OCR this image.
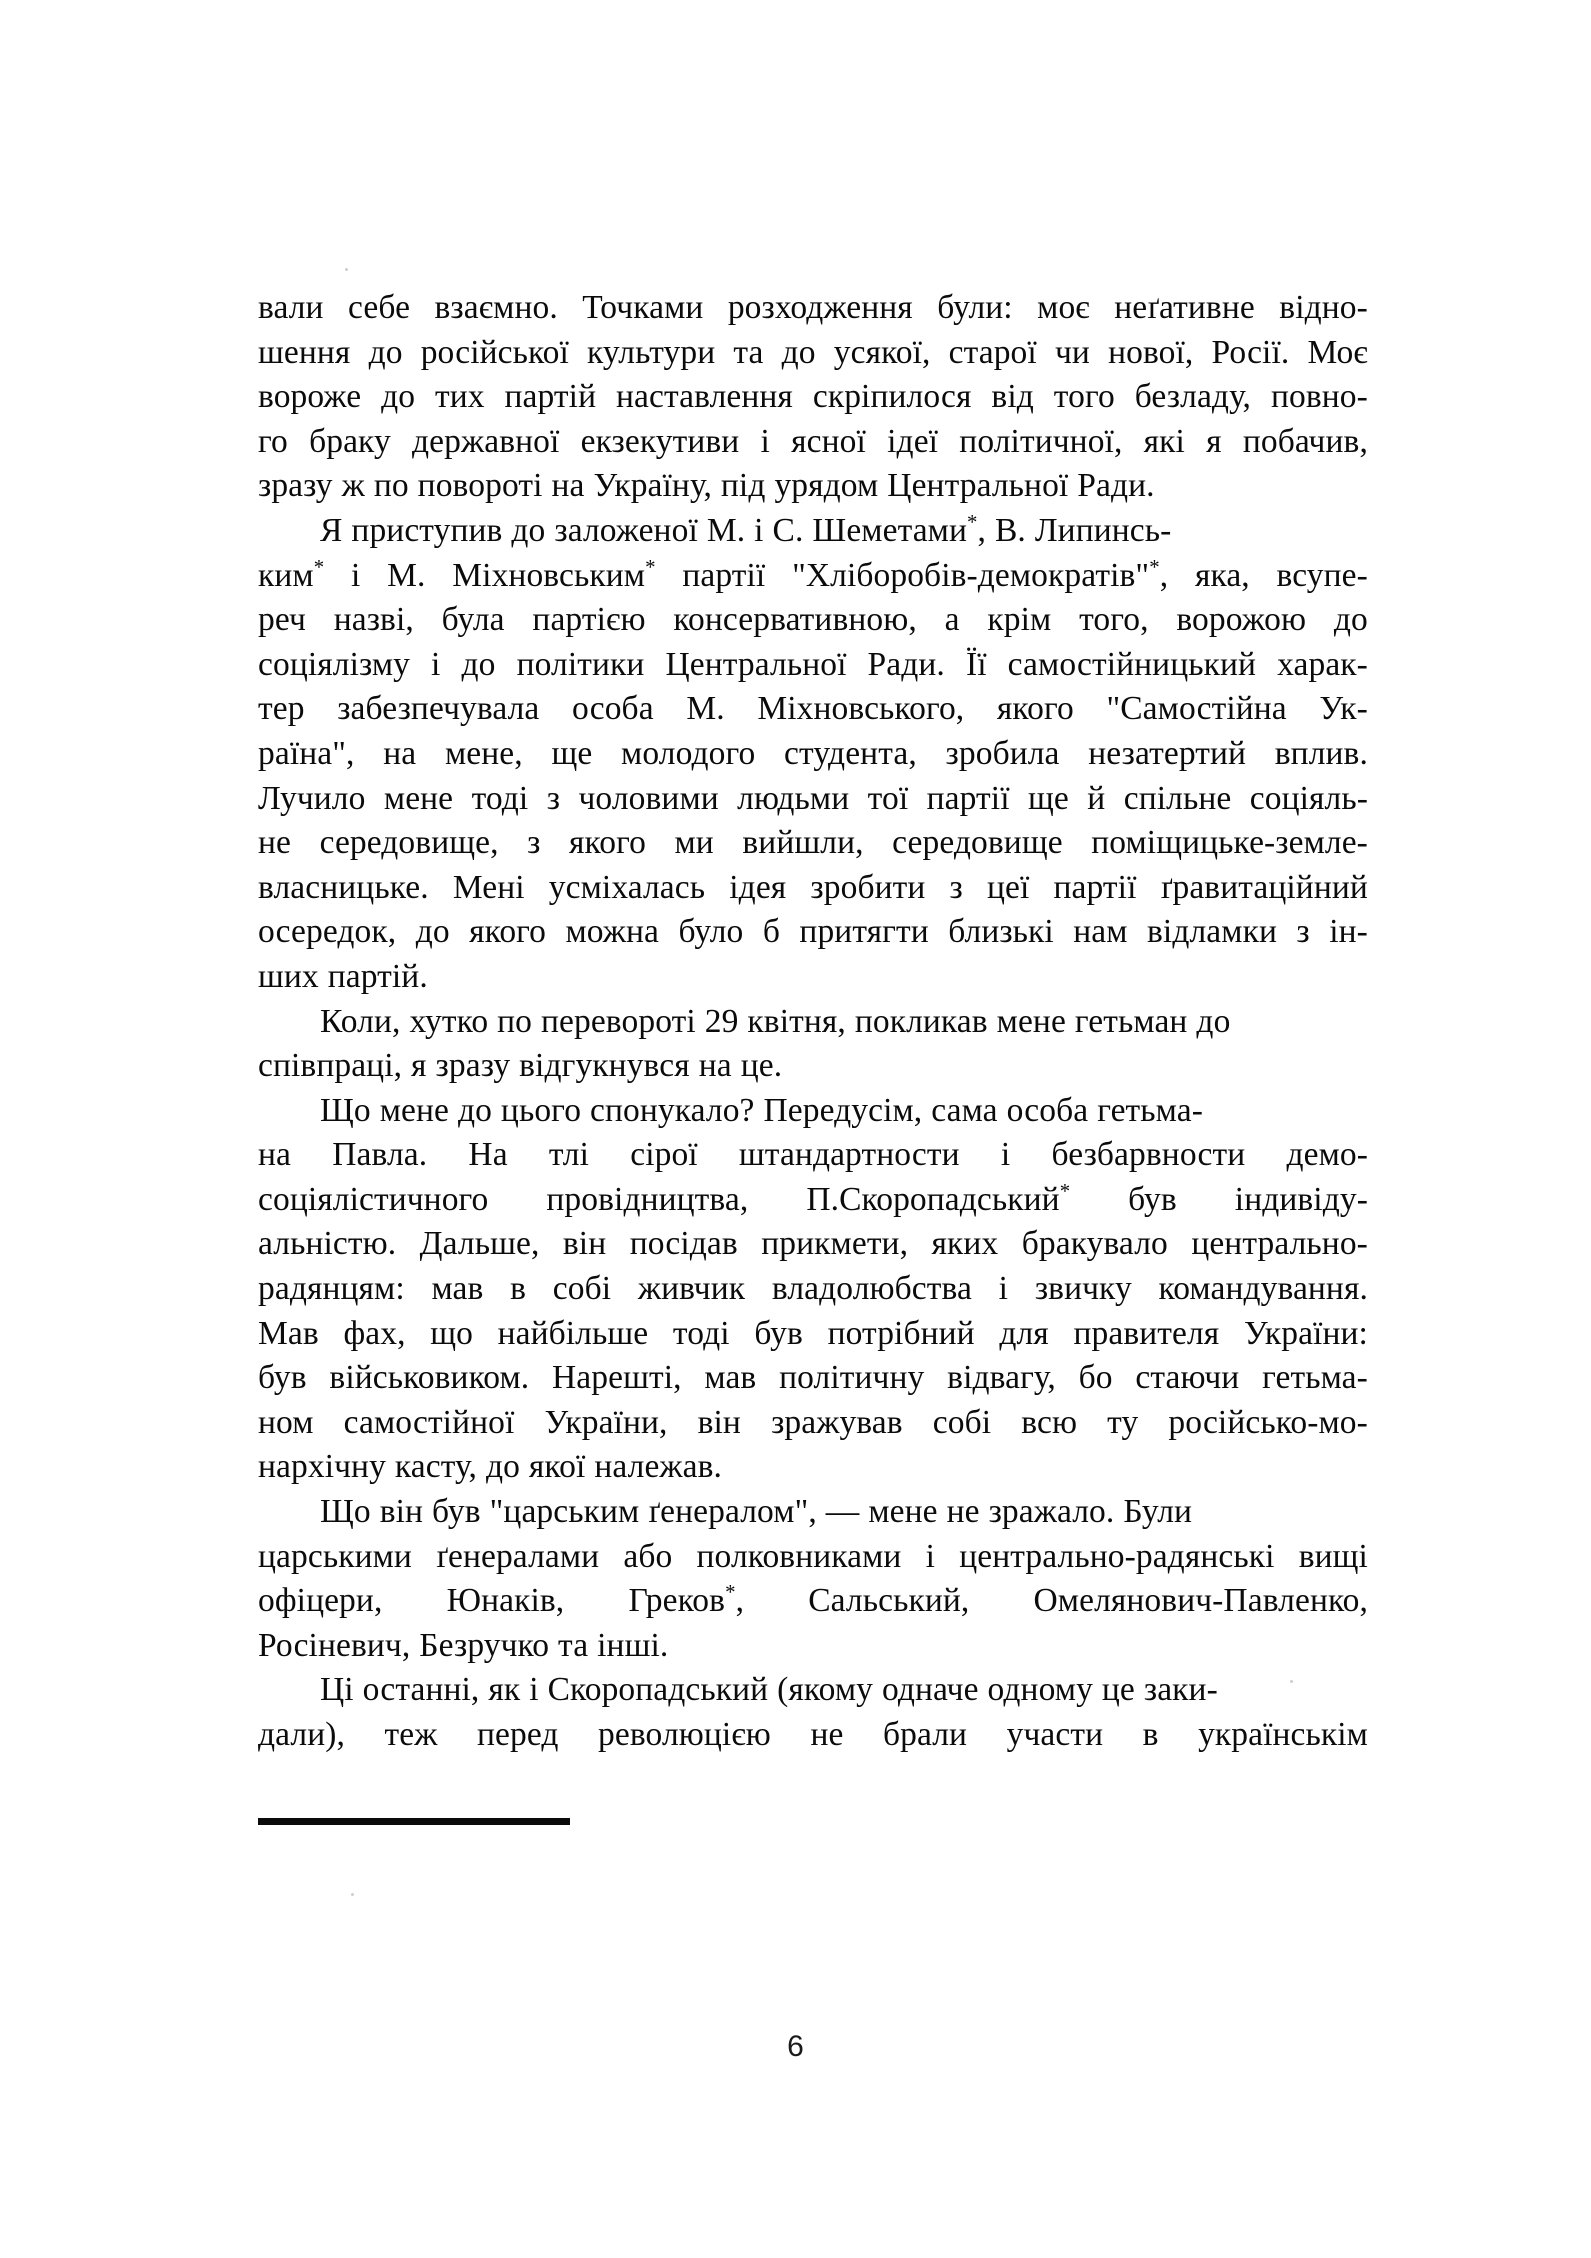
вали себе взаємно. Точками розходження були: моє неґативне відно-
шення до російської культури та до усякої, старої чи нової, Росії. Моє
вороже до тих партій наставлення скріпилося від того безладу, повно-
го браку державної екзекутиви і ясної ідеї політичної, які я побачив,
зразу ж по повороті на Україну, під урядом Центральної Ради.

Я приступив до заложеної М. і С. Шеметами*, В. Липинсь-
ким* і М. Міхновським* партії "Хліборобів-демократів"*, яка, всупе-
реч назві, була партією консервативною, а крім того, ворожою до
соціялізму і до політики Центральної Ради. Її самостійницький харак-
тер забезпечувала особа М. Міхновського, якого "Самостійна Ук-
раїна", на мене, ще молодого студента, зробила незатертий вплив.
Лучило мене тоді з чоловими людьми тої партії ще й спільне соціяль-
не середовище, з якого ми вийшли, середовище поміщицьке-земле-
власницьке. Мені усміхалась ідея зробити з цеї партії ґравитаційний
осередок, до якого можна було б притягти близькі нам відламки з ін-
ших партій.

Коли, хутко по перевороті 29 квітня, покликав мене гетьман до
співпраці, я зразу відгукнувся на це.

Що мене до цього спонукало? Передусім, сама особа гетьма-
на Павла. На тлі сірої штандартности і безбарвности демо-
соціялістичного провідництва, П.Скоропадський* був індивіду-
альністю. Дальше, він посідав прикмети, яких бракувало центрально-
радянцям: мав в собі живчик владолюбства і звичку командування.
Мав фах, що найбільше тоді був потрібний для правителя України:
був військовиком. Нарешті, мав політичну відвагу, бо стаючи гетьма-
ном самостійної України, він зражував собі всю ту російсько-мо-
нархічну касту, до якої належав.

Що він був "царським ґенералом", — мене не зражало. Були
царськими ґенералами або полковниками і центрально-радянські вищі
офіцери, Юнаків, Греков*, Сальський, Омелянович-Павленко,
Росіневич, Безручко та інші.

Ці останні, як і Скоропадський (якому одначе одному це заки-
дали), теж перед революцією не брали участи в українськім

6
